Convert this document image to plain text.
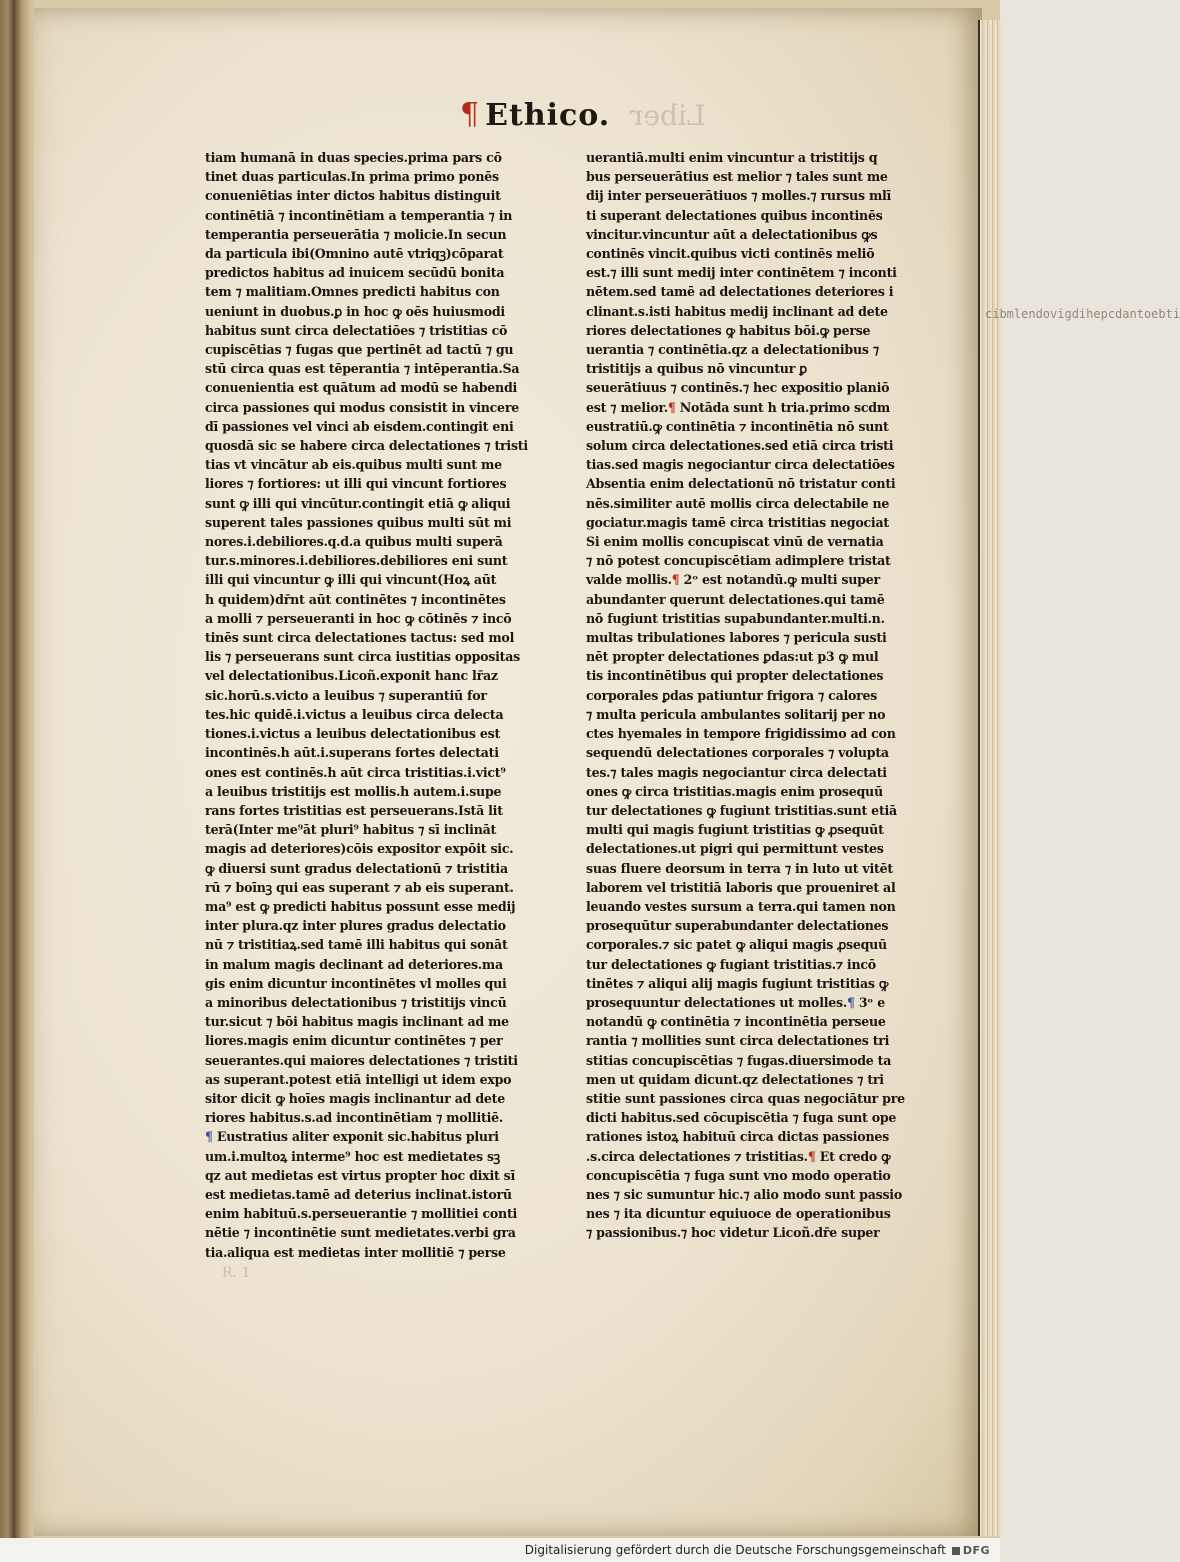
cibmlendovigdihepcdantoebti
¶ Ethico. Liber
tiam humanā in duas species.prima pars cō
tinet duas particulas.In prima primo ponēs
conueniētias inter dictos habitus distinguit
continētiā ⁊ incontinētiam a temperantia ⁊ in
temperantia perseuerātia ⁊ molicie.In secun
da particula ibi(Omnino autē vtriqꝫ)cōparat
predictos habitus ad inuicem secūdū bonita
tem ⁊ malitiam.Omnes predicti habitus con
ueniunt in duobus.ꝑ in hoc ꝙ oēs huiusmodi
habitus sunt circa delectatiōes ⁊ tristitias cō
cupiscētias ⁊ fugas que pertinēt ad tactū ⁊ gu
stū circa quas est tēperantia ⁊ intēperantia.Sa
conuenientia est quātum ad modū se habendi
circa passiones qui modus consistit in vincere
dī passiones vel vinci ab eisdem.contingit eni
quosdā sic se habere circa delectationes ⁊ tristi
tias vt vincātur ab eis.quibus multi sunt me
liores ⁊ fortiores: ut illi qui vincunt fortiores
sunt ꝙ illi qui vincūtur.contingit etiā ꝙ aliqui
superent tales passiones quibus multi sūt mi
nores.i.debiliores.q.d.a quibus multi superā
tur.s.minores.i.debiliores.debiliores eni sunt
illi qui vincuntur ꝙ illi qui vincunt(Hoꝝ aūt
h quidem)dr̄nt aūt continētes ⁊ incontinētes
a molli ⁊ perseueranti in hoc ꝙ cōtinēs ⁊ incō
tinēs sunt circa delectationes tactus: sed mol
lis ⁊ perseuerans sunt circa iustitias oppositas
vel delectationibus.Licoñ.exponit hanc lr̄az
sic.horū.s.victo a leuibus ⁊ superantiū for
tes.hic quidē.i.victus a leuibus circa delecta
tiones.i.victus a leuibus delectationibus est
incontinēs.h aūt.i.superans fortes delectati
ones est continēs.h aūt circa tristitias.i.vict⁹
a leuibus tristitijs est mollis.h autem.i.supe
rans fortes tristitias est perseuerans.Istā lit
terā(Inter me⁹āt pluri⁹ habitus ⁊ sī inclināt
magis ad deteriores)cōis expositor expōit sic.
ꝙ diuersi sunt gradus delectationū ⁊ tristitia
rū ⁊ boīnꝫ qui eas superant ⁊ ab eis superant.
ma⁹ est ꝙ predicti habitus possunt esse medij
inter plura.qz inter plures gradus delectatio
nū ⁊ tristitiaꝝ.sed tamē illi habitus qui sonāt
in malum magis declinant ad deteriores.ma
gis enim dicuntur incontinētes vl molles qui
a minoribus delectationibus ⁊ tristitijs vincū
tur.sicut ⁊ bōi habitus magis inclinant ad me
liores.magis enim dicuntur continētes ⁊ per
seuerantes.qui maiores delectationes ⁊ tristiti
as superant.potest etiā intelligi ut idem expo
sitor dicit ꝙ hoīes magis inclinantur ad dete
riores habitus.s.ad incontinētiam ⁊ mollitiē.
¶ Eustratius aliter exponit sic.habitus pluri
um.i.multoꝝ interme⁹ hoc est medietates sꝫ
qz aut medietas est virtus propter hoc dixit sī
est medietas.tamē ad deterius inclinat.istorū
enim habituū.s.perseuerantie ⁊ mollitiei conti
nētie ⁊ incontinētie sunt medietates.verbi gra
tia.aliqua est medietas inter mollitiē ⁊ perse
uerantiā.multi enim vincuntur a tristitijs q
bus perseuerātius est melior ⁊ tales sunt me
dij inter perseuerātiuos ⁊ molles.⁊ rursus mlī
ti superant delectationes quibus incontinēs
vincitur.vincuntur aūt a delectationibus ꝙs
continēs vincit.quibus victi continēs meliō
est.⁊ illi sunt medij inter continētem ⁊ inconti
nētem.sed tamē ad delectationes deteriores i
clinant.s.isti habitus medij inclinant ad dete
riores delectationes ꝙ habitus bōi.ꝙ perse
uerantia ⁊ continētia.qz a delectationibus ⁊
tristitijs a quibus nō vincuntur ꝑ
seuerātiuus ⁊ continēs.⁊ hec expositio planiō
est ⁊ melior.¶ Notāda sunt h tria.primo scdm
eustratiū.ꝙ continētia ⁊ incontinētia nō sunt
solum circa delectationes.sed etiā circa tristi
tias.sed magis negociantur circa delectatiōes
Absentia enim delectationū nō tristatur conti
nēs.similiter autē mollis circa delectabile ne
gociatur.magis tamē circa tristitias negociat
Si enim mollis concupiscat vinū de vernatia
⁊ nō potest concupiscētiam adimplere tristat
valde mollis.¶ 2ᵒ est notandū.ꝙ multi super
abundanter querunt delectationes.qui tamē
nō fugiunt tristitias supabundanter.multi.n.
multas tribulationes labores ⁊ pericula susti
nēt propter delectationes ꝑdas:ut p3 ꝙ mul
tis incontinētibus qui propter delectationes
corporales ꝑdas patiuntur frigora ⁊ calores
⁊ multa pericula ambulantes solitarij per no
ctes hyemales in tempore frigidissimo ad con
sequendū delectationes corporales ⁊ volupta
tes.⁊ tales magis negociantur circa delectati
ones ꝙ circa tristitias.magis enim prosequū
tur delectationes ꝙ fugiunt tristitias.sunt etiā
multi qui magis fugiunt tristitias ꝙ ꝓsequūt
delectationes.ut pigri qui permittunt vestes
suas fluere deorsum in terra ⁊ in luto ut vitēt
laborem vel tristitiā laboris que proueniret al
leuando vestes sursum a terra.qui tamen non
prosequūtur superabundanter delectationes
corporales.⁊ sic patet ꝙ aliqui magis ꝓsequū
tur delectationes ꝙ fugiant tristitias.⁊ incō
tinētes ⁊ aliqui alij magis fugiunt tristitias ꝙ
prosequuntur delectationes ut molles.¶ 3ᵒ e
notandū ꝙ continētia ⁊ incontinētia perseue
rantia ⁊ mollities sunt circa delectationes tri
stitias concupiscētias ⁊ fugas.diuersimode ta
men ut quidam dicunt.qz delectationes ⁊ tri
stitie sunt passiones circa quas negociātur pre
dicti habitus.sed cōcupiscētia ⁊ fuga sunt ope
rationes istoꝝ habituū circa dictas passiones
.s.circa delectationes ⁊ tristitias.¶ Et credo ꝙ
concupiscētia ⁊ fuga sunt vno modo operatio
nes ⁊ sic sumuntur hic.⁊ alio modo sunt passio
nes ⁊ ita dicuntur equiuoce de operationibus
⁊ passionibus.⁊ hoc videtur Licoñ.dr̄e super
R. 1
Digitalisierung gefördert durch die Deutsche Forschungsgemeinschaft	DFG
